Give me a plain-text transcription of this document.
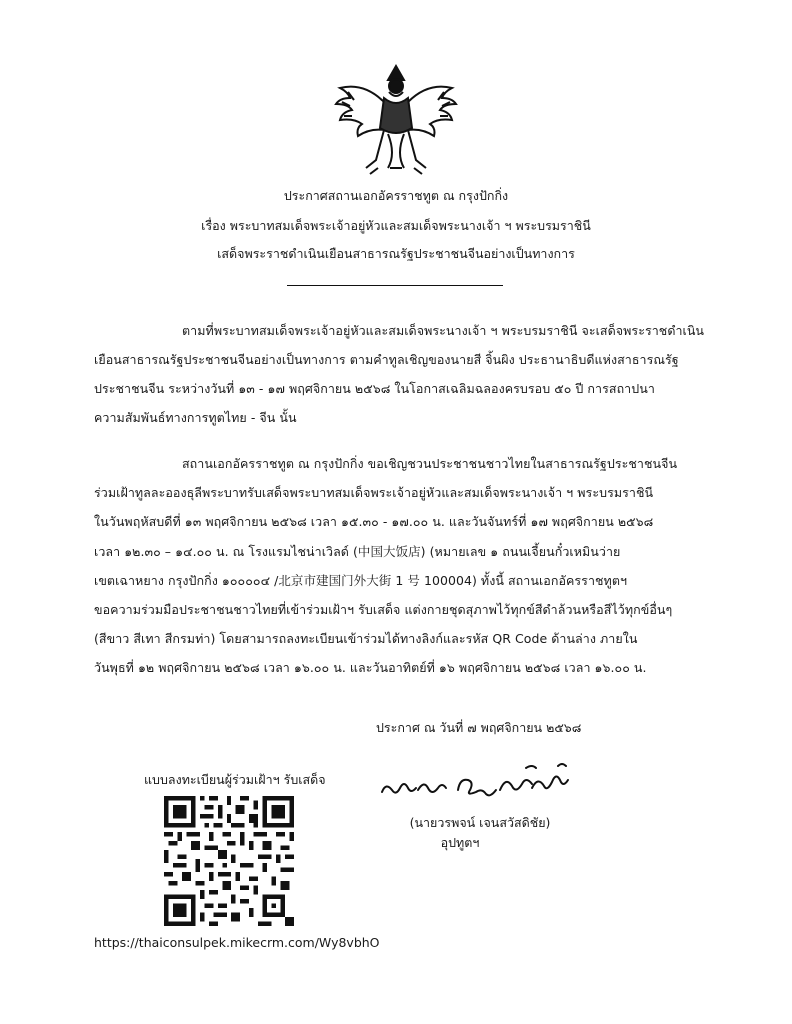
ประกาศสถานเอกอัครราชทูต ณ กรุงปักกิ่ง
เรื่อง พระบาทสมเด็จพระเจ้าอยู่หัวและสมเด็จพระนางเจ้า ฯ พระบรมราชินี
เสด็จพระราชดำเนินเยือนสาธารณรัฐประชาชนจีนอย่างเป็นทางการ
ตามที่พระบาทสมเด็จพระเจ้าอยู่หัวและสมเด็จพระนางเจ้า ฯ พระบรมราชินี จะเสด็จพระราชดำเนิน
เยือนสาธารณรัฐประชาชนจีนอย่างเป็นทางการ ตามคำทูลเชิญของนายสี จิ้นผิง ประธานาธิบดีแห่งสาธารณรัฐ
ประชาชนจีน ระหว่างวันที่ ๑๓ - ๑๗ พฤศจิกายน ๒๕๖๘ ในโอกาสเฉลิมฉลองครบรอบ ๕๐ ปี การสถาปนา
ความสัมพันธ์ทางการทูตไทย - จีน นั้น
สถานเอกอัครราชทูต ณ กรุงปักกิ่ง ขอเชิญชวนประชาชนชาวไทยในสาธารณรัฐประชาชนจีน
ร่วมเฝ้าทูลละอองธุลีพระบาทรับเสด็จพระบาทสมเด็จพระเจ้าอยู่หัวและสมเด็จพระนางเจ้า ฯ พระบรมราชินี
ในวันพฤหัสบดีที่ ๑๓ พฤศจิกายน ๒๕๖๘ เวลา ๑๕.๓๐ - ๑๗.๐๐ น. และวันจันทร์ที่ ๑๗ พฤศจิกายน ๒๕๖๘
เวลา ๑๒.๓๐ – ๑๔.๐๐ น. ณ โรงแรมไชน่าเวิลด์ (中国大饭店) (หมายเลข ๑ ถนนเจี้ยนกั๋วเหมินว่าย
เขตเฉาหยาง กรุงปักกิ่ง ๑๐๐๐๐๔ /北京市建国门外大街 1 号 100004) ทั้งนี้ สถานเอกอัครราชทูตฯ
ขอความร่วมมือประชาชนชาวไทยที่เข้าร่วมเฝ้าฯ รับเสด็จ แต่งกายชุดสุภาพไว้ทุกข์สีดำล้วนหรือสีไว้ทุกข์อื่นๆ
(สีขาว สีเทา สีกรมท่า) โดยสามารถลงทะเบียนเข้าร่วมได้ทางลิงก์และรหัส QR Code ด้านล่าง ภายใน
วันพุธที่ ๑๒ พฤศจิกายน ๒๕๖๘ เวลา ๑๖.๐๐ น. และวันอาทิตย์ที่ ๑๖ พฤศจิกายน ๒๕๖๘ เวลา ๑๖.๐๐ น.
ประกาศ ณ วันที่ ๗ พฤศจิกายน ๒๕๖๘
แบบลงทะเบียนผู้ร่วมเฝ้าฯ รับเสด็จ
https://thaiconsulpek.mikecrm.com/Wy8vbhO
(นายวรพจน์ เจนสวัสดิชัย)
อุปทูตฯ
